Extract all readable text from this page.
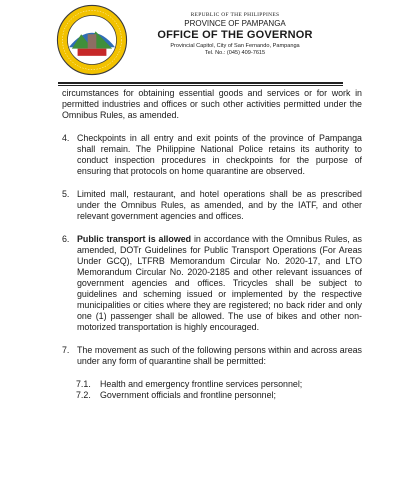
REPUBLIC OF THE PHILIPPINES

PROVINCE OF PAMPANGA

OFFICE OF THE GOVERNOR

Provincial Capitol, City of San Fernando, Pampanga

Tel. No.: (045) 409-7615

circumstances for obtaining essential goods and services or for work in permitted industries and offices or such other activities permitted under the Omnibus Rules, as amended.

4. Checkpoints in all entry and exit points of the province of Pampanga shall remain. The Philippine National Police retains its authority to conduct inspection procedures in checkpoints for the purpose of ensuring that protocols on home quarantine are observed.

5. Limited mall, restaurant, and hotel operations shall be as prescribed under the Omnibus Rules, as amended, and by the IATF, and other relevant government agencies and offices.

6. Public transport is allowed in accordance with the Omnibus Rules, as amended, DOTr Guidelines for Public Transport Operations (For Areas Under GCQ), LTFRB Memorandum Circular No. 2020-17, and LTO Memorandum Circular No. 2020-2185 and other relevant issuances of government agencies and offices. Tricycles shall be subject to guidelines and scheming issued or implemented by the respective municipalities or cities where they are registered; no back rider and only one (1) passenger shall be allowed. The use of bikes and other non-motorized transportation is highly encouraged.

7. The movement as such of the following persons within and across areas under any form of quarantine shall be permitted:

7.1. Health and emergency frontline services personnel;

7.2. Government officials and frontline personnel;
